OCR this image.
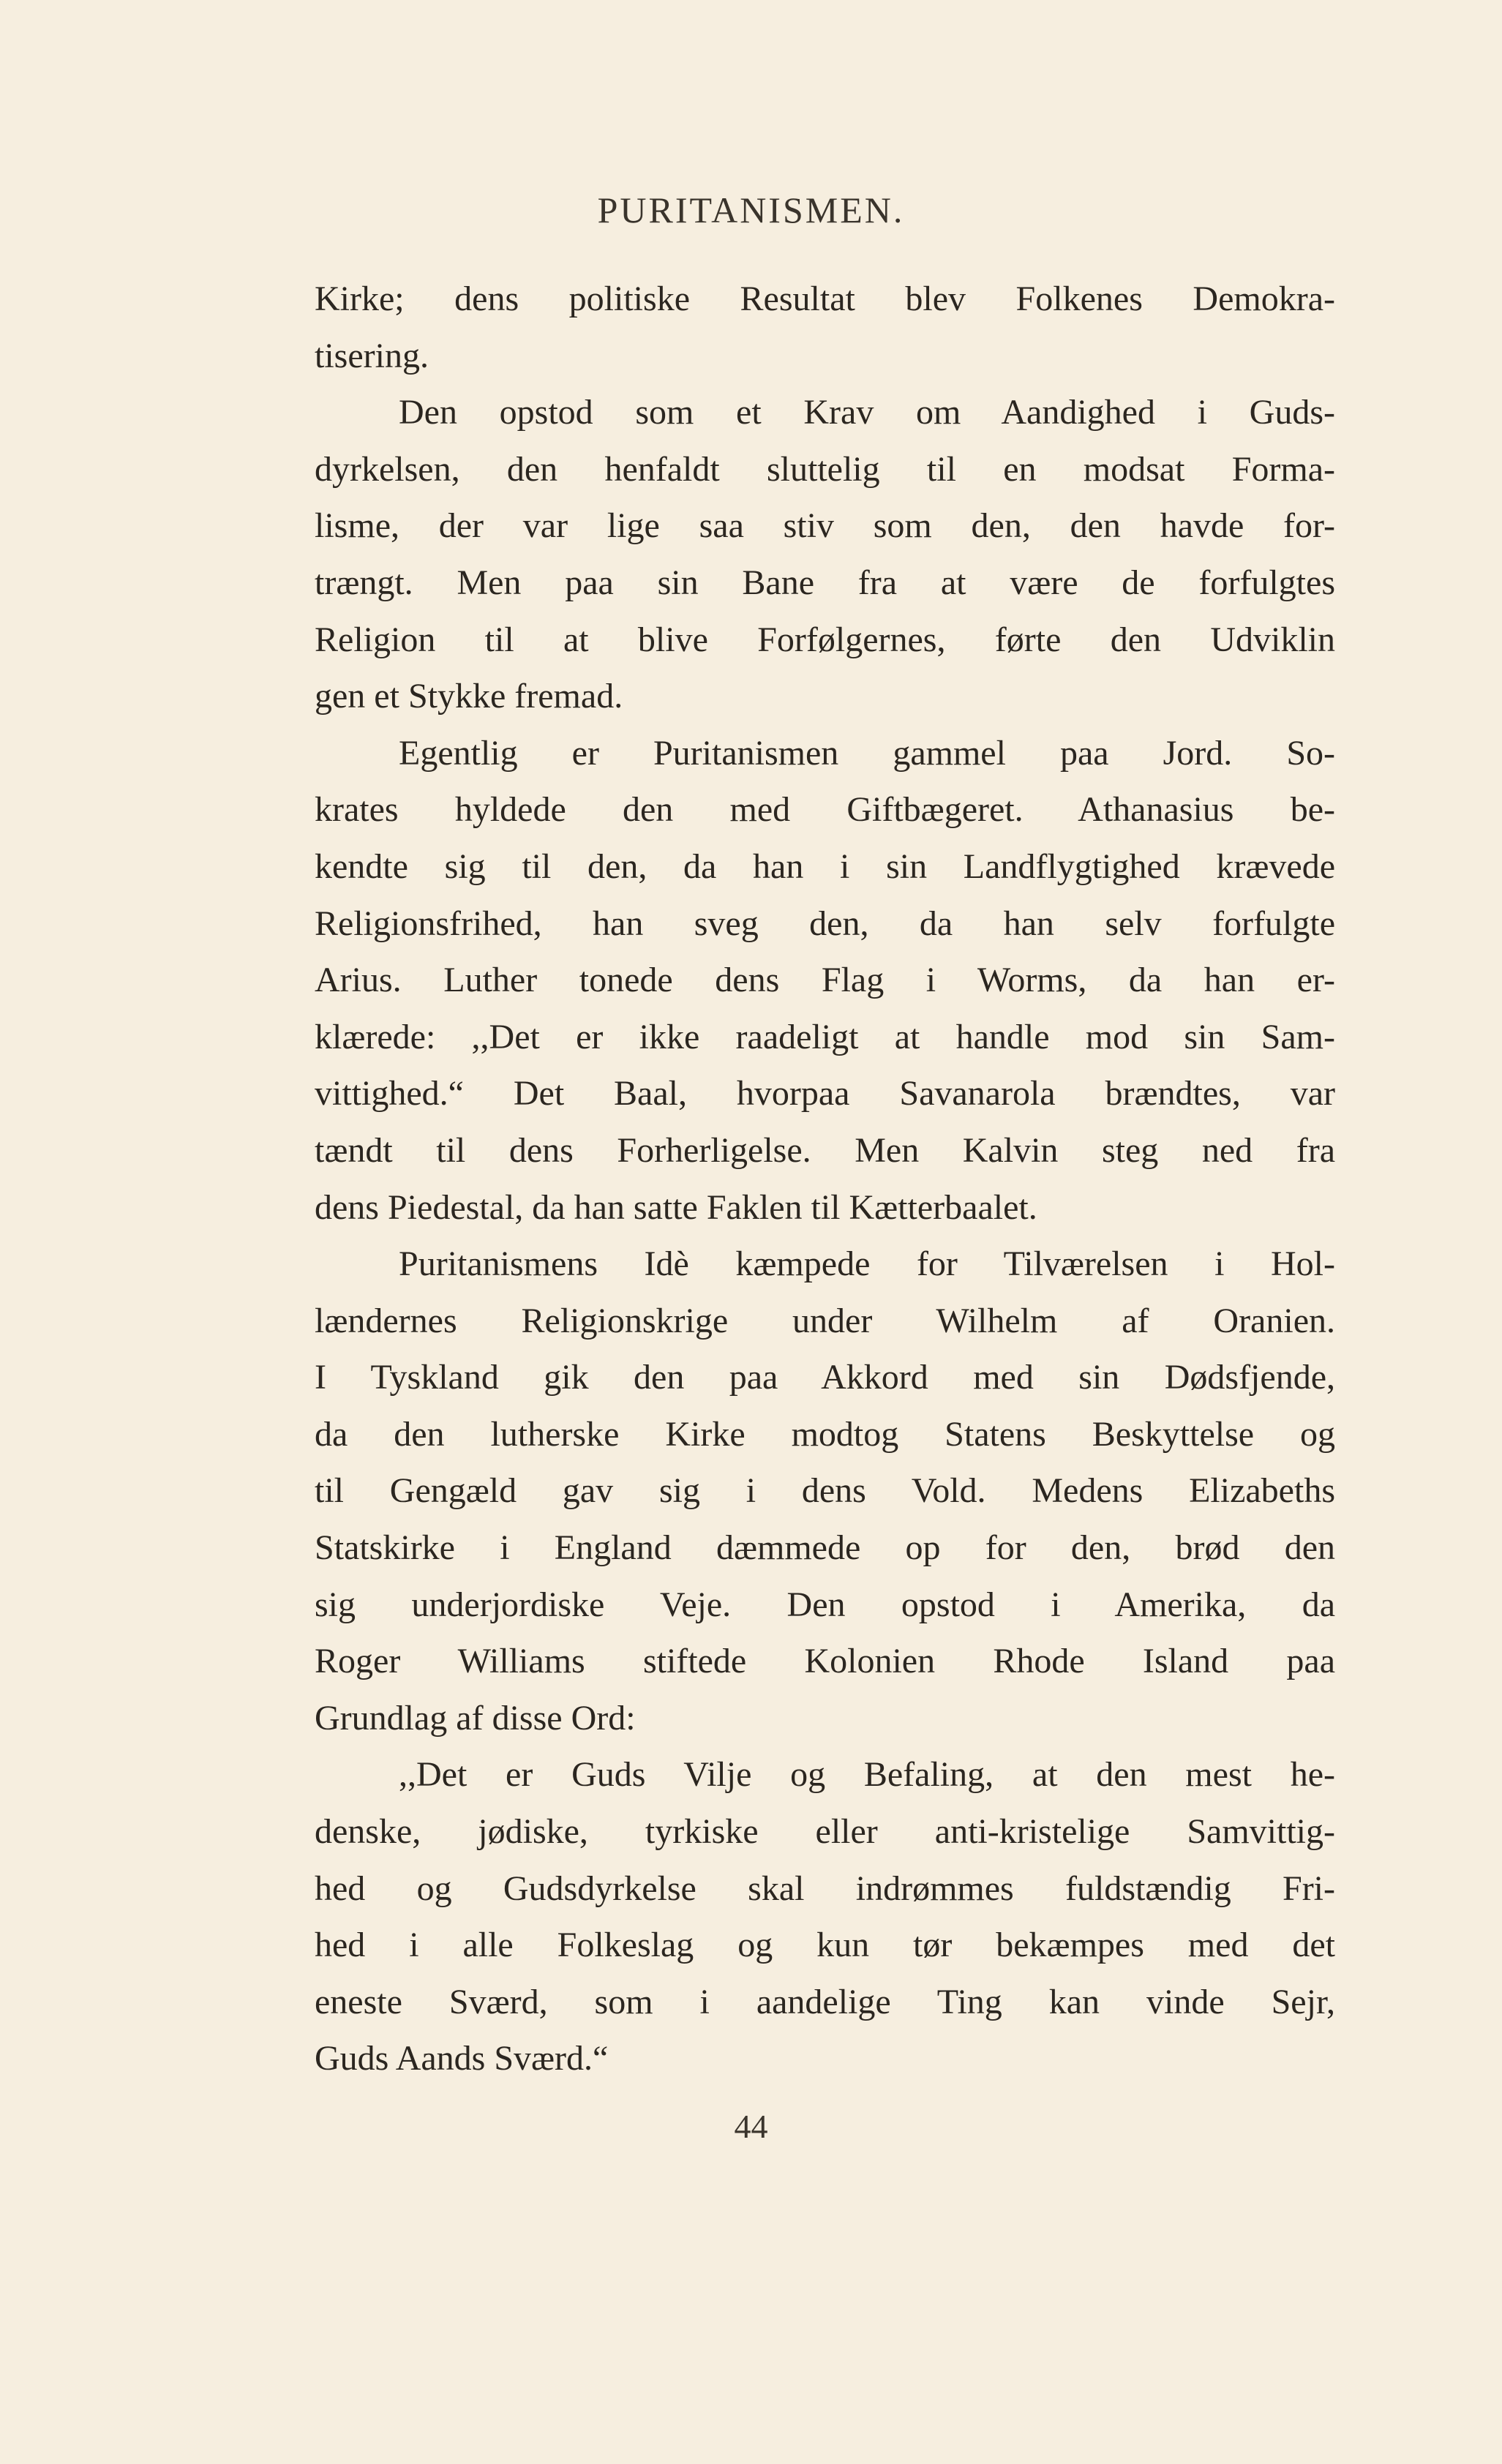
PURITANISMEN.
Kirke; dens politiske Resultat blev Folkenes Demokra-
tisering.
Den opstod som et Krav om Aandighed i Guds-
dyrkelsen, den henfaldt sluttelig til en modsat Forma-
lisme, der var lige saa stiv som den, den havde for-
trængt. Men paa sin Bane fra at være de forfulgtes
Religion til at blive Forfølgernes, førte den Udviklin
gen et Stykke fremad.
Egentlig er Puritanismen gammel paa Jord. So-
krates hyldede den med Giftbægeret. Athanasius be-
kendte sig til den, da han i sin Landflygtighed krævede
Religionsfrihed, han sveg den, da han selv forfulgte
Arius. Luther tonede dens Flag i Worms, da han er-
klærede: ,,Det er ikke raadeligt at handle mod sin Sam-
vittighed.“ Det Baal, hvorpaa Savanarola brændtes, var
tændt til dens Forherligelse. Men Kalvin steg ned fra
dens Piedestal, da han satte Faklen til Kætterbaalet.
Puritanismens Idè kæmpede for Tilværelsen i Hol-
lændernes Religionskrige under Wilhelm af Oranien.
I Tyskland gik den paa Akkord med sin Dødsfjende,
da den lutherske Kirke modtog Statens Beskyttelse og
til Gengæld gav sig i dens Vold. Medens Elizabeths
Statskirke i England dæmmede op for den, brød den
sig underjordiske Veje. Den opstod i Amerika, da
Roger Williams stiftede Kolonien Rhode Island paa
Grundlag af disse Ord:
,,Det er Guds Vilje og Befaling, at den mest he-
denske, jødiske, tyrkiske eller anti-kristelige Samvittig-
hed og Gudsdyrkelse skal indrømmes fuldstændig Fri-
hed i alle Folkeslag og kun tør bekæmpes med det
eneste Sværd, som i aandelige Ting kan vinde Sejr,
Guds Aands Sværd.“
44
